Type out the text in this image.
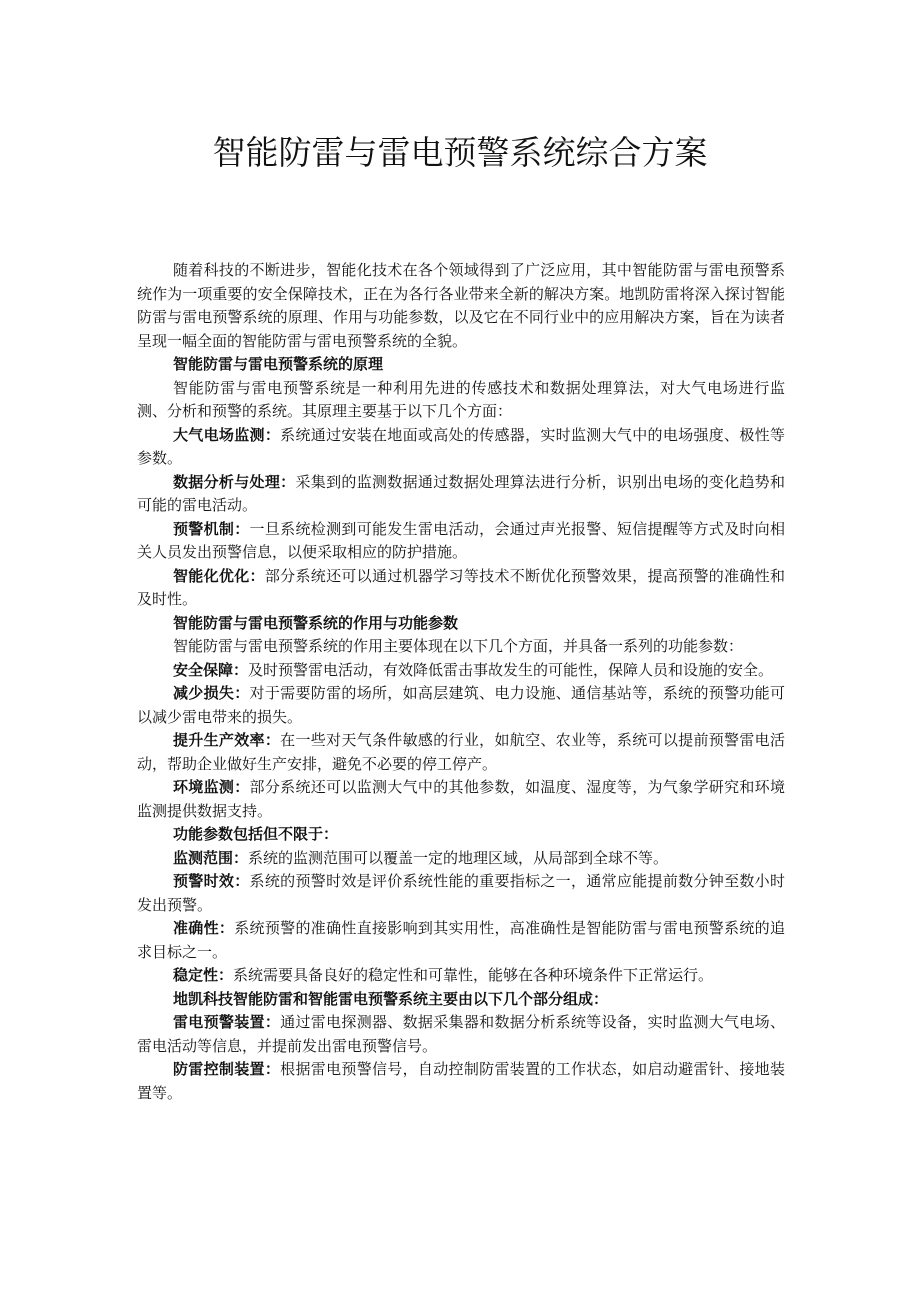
智能防雷与雷电预警系统综合方案

随着科技的不断进步，智能化技术在各个领域得到了广泛应用，其中智能防雷与雷电预警系统作为一项重要的安全保障技术，正在为各行各业带来全新的解决方案。地凯防雷将深入探讨智能防雷与雷电预警系统的原理、作用与功能参数，以及它在不同行业中的应用解决方案，旨在为读者呈现一幅全面的智能防雷与雷电预警系统的全貌。

智能防雷与雷电预警系统的原理

智能防雷与雷电预警系统是一种利用先进的传感技术和数据处理算法，对大气电场进行监测、分析和预警的系统。其原理主要基于以下几个方面：

大气电场监测：系统通过安装在地面或高处的传感器，实时监测大气中的电场强度、极性等参数。

数据分析与处理：采集到的监测数据通过数据处理算法进行分析，识别出电场的变化趋势和可能的雷电活动。

预警机制：一旦系统检测到可能发生雷电活动，会通过声光报警、短信提醒等方式及时向相关人员发出预警信息，以便采取相应的防护措施。

智能化优化：部分系统还可以通过机器学习等技术不断优化预警效果，提高预警的准确性和及时性。

智能防雷与雷电预警系统的作用与功能参数

智能防雷与雷电预警系统的作用主要体现在以下几个方面，并具备一系列的功能参数：

安全保障：及时预警雷电活动，有效降低雷击事故发生的可能性，保障人员和设施的安全。

减少损失：对于需要防雷的场所，如高层建筑、电力设施、通信基站等，系统的预警功能可以减少雷电带来的损失。

提升生产效率：在一些对天气条件敏感的行业，如航空、农业等，系统可以提前预警雷电活动，帮助企业做好生产安排，避免不必要的停工停产。

环境监测：部分系统还可以监测大气中的其他参数，如温度、湿度等，为气象学研究和环境监测提供数据支持。

功能参数包括但不限于：

监测范围：系统的监测范围可以覆盖一定的地理区域，从局部到全球不等。

预警时效：系统的预警时效是评价系统性能的重要指标之一，通常应能提前数分钟至数小时发出预警。

准确性：系统预警的准确性直接影响到其实用性，高准确性是智能防雷与雷电预警系统的追求目标之一。

稳定性：系统需要具备良好的稳定性和可靠性，能够在各种环境条件下正常运行。

地凯科技智能防雷和智能雷电预警系统主要由以下几个部分组成：

雷电预警装置：通过雷电探测器、数据采集器和数据分析系统等设备，实时监测大气电场、雷电活动等信息，并提前发出雷电预警信号。

防雷控制装置：根据雷电预警信号，自动控制防雷装置的工作状态，如启动避雷针、接地装置等。
